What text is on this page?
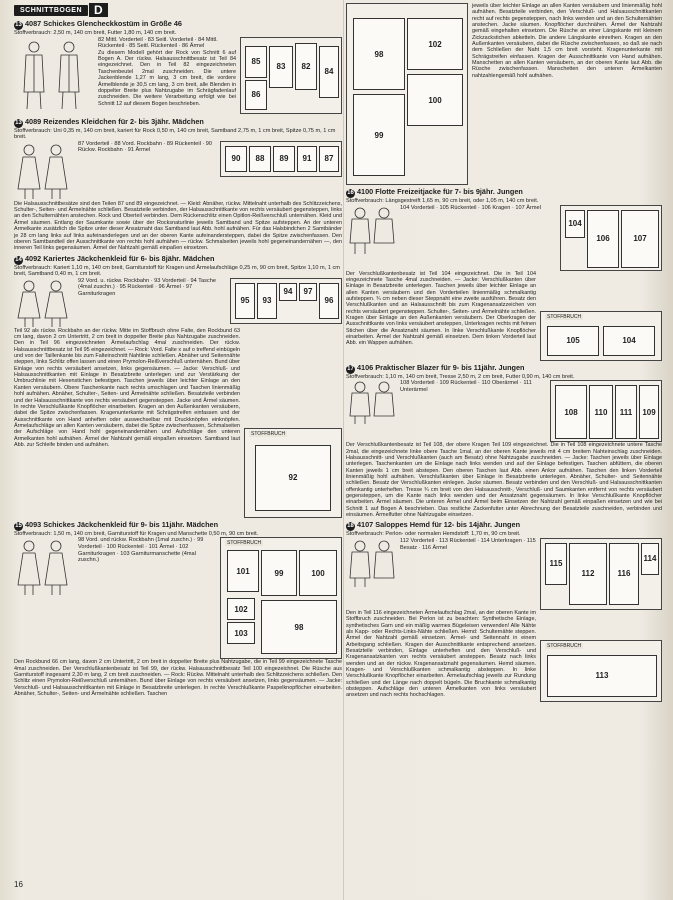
SCHNITTBOGEN	D
13 4087 Schickes Glencheckkostüm in Größe 46
Stoffverbrauch: 2,50 m, 140 cm breit, Futter 1,80 m, 140 cm breit.
82 Mittl. Vorderteil · 83 Seitl. Vorderteil · 84 Mittl. Rückenteil · 85 Seitl. Rückenteil · 86 Ärmel
Zu diesem Modell gehört der Rock von Schnitt 6 auf Bogen A. Der rückw. Halsausschnittbesatz ist Teil 84 eingezeichnet. Den in Teil 82 eingezeichneten Taschenbeutel 2mal zuschneiden. Die untere Jackenblende 1,27 m lang, 3 cm breit, die vordere Ärmelblende je 30,5 cm lang, 3 cm breit, alle Blenden in doppelter Breite plus Nahtzugabe im Schrägfadenlauf zuschneiden. Die weitere Verarbeitung erfolgt wie bei Schnitt 12 auf diesem Bogen beschrieben.
85
83	82
84
86
13 4089 Reizendes Kleidchen für 2- bis 3jähr. Mädchen
Stoffverbrauch: Uni 0,35 m, 140 cm breit, kariert für Rock 0,50 m, 140 cm breit, Samtband 2,75 m, 1 cm breit, Spitze 0,75 m, 1 cm breit.
87 Vorderteil · 88 Vord. Rockbahn · 89 Rückenteil · 90 Rückw. Rockbahn · 91 Ärmel
90	88	89	91	87
Die Halsausschnittbesätze sind den Teilen 87 und 89 eingezeichnet. — Kleid: Abnäher, rückw. Mittelnaht unterhalb des Schlitzzeichens, Schulter-, Seiten- und Ärmelnähte schließen. Besatzteile verbinden, der Halsausschnittkante von rechts versäubert gegensteppen, links an den Schulternähten anstechen. Rock und Oberteil verbinden. Dem Rückenschlitz einen Opitlon-Reißverschluß unternähen. Kleid und Ärmel säumen. Entlang der Saumkante sowie über der Rocksnaturlinie jeweils Samtband und Spitze aufsteppen. An der unteren Armelkante zusätzlich die Spitze unter dieser Ansatznaht das Samtband laut Abb. hohl aufnähen. Für das Halsbindchen 2 Samtbänder je 28 cm lang links auf links aufeinanderlegen und an der oberen Kante aufeinandersteppen, dabei die Spitze zwischenfassen. Den oberen Samtbandteil der Ausschnittkante von rechts hohl aufnähen — rückw. Schmalseiten jeweils hohl gegeneinandernähen —, den inneren Teil links gegensäumen. Ärmel der Nahtzahl gemäß einpaßen einsetzen.
14 4092 Kariertes Jäckchenkleid für 6- bis 8jähr. Mädchen
Stoffverbrauch: Kariert 1,10 m, 140 cm breit, Garniturstoff für Kragen und Ärmelaufschläge 0,25 m, 90 cm breit, Spitze 1,10 m, 1 cm breit, Samtband 0,40 m, 1 cm breit.
92 Vord. u. rückw. Rockbahn · 93 Vorderteil · 94 Tasche (4mal zuschn.) · 95 Rückenteil · 96 Ärmel · 97 Garniturkragen
95	93
94	97
96
Teil 92 als rückw. Rockbahn an der rückw. Mitte im Stoffbruch ohne Falte, den Rockbund 63 cm lang, davon 2 cm Untertritt, 2 cm breit in doppelter Breite plus Nahtzugabe zuschneiden. Den in Teil 96 eingezeichneten Ärmelaufschlag 4mal zuschneiden. Der rückw. Halsausschnittbesatz ist Teil 95 eingezeichnet. — Rock: Vord. Falte x auf o treffend einbügeln und von der Taillenkante bis zum Falteinschnitt Nahtlinie schließen. Abnäher und Seitennähte steppen, links Schlitz offen lassen und einen Prymolon-Reißverschluß unternähen. Bund über Einlage von rechts versäubert ansetzen, links gegensäumen. — Jacke: Verschluß- und Halsausschnittkanten mit Einlage in Besatzbreite unterlegen und zur Verstärkung der Umbruchlinie mit Hexenstichen befestigen. Taschen jeweils über leichter Einlage an den Kanten versäubern. Obere Taschenkante nach rechts umschlagen und Taschen linienmäßig hohl aufnähen. Abnäher, Schulter-, Seiten- und Ärmelnähte schließen. Besatzteile verbinden und der Halsausschnittkante von rechts versäubert gegensteppen. Jacke und Ärmel säumen. In rechte Verschlußkante Knopflöcher einarbeiten. Kragen an den Außenkanten versäubern, dabei die Spitze zwischenfassen. Kragenunterkante mit Schrägstreifen einfassen und der Ausschnittkante von Hand anheften oder auswechselbar mit Druckknöpfen einknöpfen. Ärmelaufschläge an allen Kanten versäubern, dabei die Spitze zwischenfassen, Schmalseiten der Aufschläge von Hand hohl gegeneinandernähen und Aufschläge den unteren Armelkanten hohl aufnähen. Ärmel der Nahtzahl gemäß einpaßen einsetzen. Samtband laut Abb. zur Schleife binden und aufnähen.
STOFFBRUCH
92
15 4093 Schickes Jäckchenkleid für 9- bis 11jähr. Mädchen
Stoffverbrauch: 1,50 m, 140 cm breit, Garniturstoff für Kragen und Manschette 0,50 m, 90 cm breit.
98 Vord. und rückw. Rockbahn (1mal zuschn.) · 99 Vorderteil · 100 Rückenteil · 101 Ärmel · 102 Garniturkragen · 103 Garniturmanschette (4mal zuschn.)
STOFFBRUCH
101	99	100
102
103
98
Den Rockbund 66 cm lang, davon 2 cm Untertritt, 2 cm breit in doppelter Breite plus Nahtzugabe, die in Teil 99 eingezeichnete Tasche 4mal zuschneiden. Der Verschlußkantenbesatz ist Teil 99, der rückw. Halsausschnittbesatz Teil 100 eingezeichnet. Die Rüsche aus Garniturstoff insgesamt 2,30 m lang, 2 cm breit zuschneiden. — Rock: Rückw. Mittelnaht unterhalb des Schlitzzeichens schließen. Den Schlitz einen Prymolon-Reißverschluß unternähen. Bund über Einlage von rechts versäubert ansetzen, links gegensäumen. — Jacke: Verschluß- und Halsausschnittkanten mit Einlage in Besatzbreite unterlegen. In rechte Verschlußkante Paspelknopflöcher einarbeiten. Abnäher, Schulter-, Seiten- und Ärmelnähte schließen. Taschen
98
102
100
99
jeweils über leichter Einlage an allen Kanten versäubern und linienmäßig hohl aufnähen. Besatzteile verbinden, den Verschluß- und Halsausschnittkanten recht auf rechts gegensteppen, nach links wenden und an den Schulternähten anstechen. Jacke säumen. Knopflöcher durchnähen. Ärmel der Nahtzahl gemäß eingehalten einsetzen. Die Rüsche an einer Längskante mit kleinem Zickzackstichen abketteln. Die andere Längskante einreihen. Kragen an den Außenkanten versäubern, dabei die Rüsche zwischenfassen, so daß sie nach dem Schließen der Naht 1,5 cm breit vorsteht. Kragenunterkante mit Schrägstreifen einfassen. Kragen der Ausschnittkante von Hand aufnähen. Manschetten an allen Kanten versäubern, an der oberen Kante laut Abb. die Rüsche zwischenfassen. Manschetten den unteren Ärmelkanten nahtzahlengemäß hohl aufnähen.
16 4100 Flotte Freizeitjacke für 7- bis 9jähr. Jungen
Stoffverbrauch: Längsgestreift 1,65 m, 90 cm breit, oder 1,05 m, 140 cm breit.
104 Vorderteil · 105 Rückenteil · 106 Kragen · 107 Ärmel
104
106	107
Der Verschlußkantenbesatz ist Teil 104 eingezeichnet. Die in Teil 104 eingezeichnete Tasche 4mal zuschneiden. — Jacke: Verschlußkanten über Einlage in Besatzbreite unterlegen. Taschen jeweils über leichter Einlage an allen Kanten versäubern und den Vorderteilen linienmäßig schmalkantig aufsteppen. ¾ cm neben dieser Steppnaht eine zweite ausführen. Besatz den Verschlußkanten und an Halsausschnitt bis zum Kragenansatzzeichen von rechts versäubert gegensteppen. Schulter-, Seiten- und Ärmelnähte schließen. Kragen über Einlage an den Außenkanten versäubern. Der Oberkragen der Ausschnittkante von links versäubert ansteppen, Unterkragen rechts mit feinen Stichen über die Ansatznaht säumen. In linke Verschlußkante Knopflöcher einarbeiten. Ärmel der Nahtzahl gemäß einsetzen. Dem linken Vorderteil laut Abb. ein Wappen aufnähen.
STOFFBRUCH
105	104
17 4106 Praktischer Blazer für 9- bis 11jähr. Jungen
Stoffverbrauch: 1,10 m, 140 cm breit, Tresse 2,50 m, 2 cm breit, Futter 0,90 m, 140 cm breit.
108 Vorderteil · 109 Rückenteil · 110 Oberärmel · 111 Unterärmel
108	110	111	109
Der Verschlußkantenbesatz ist Teil 108, der obere Kragen Teil 109 eingezeichnet. Die in Teil 108 eingezeichnete untere Tasche 2mal, die eingezeichnete linke obere Tasche 1mal, an der oberen Kante jeweils mit 4 cm breitem Nahteinschlag zuschneiden. Halsausschnitt- und Verschlußkanten (auch am Besatz) ohne Nahtzugabe zuschneiden. — Jacke: Taschen jeweils über Einlage unterlegen. Taschenkanten um die Einlage nach links wenden und auf der Einlage befestigen. Taschen abfüttern, die oberen Kanten jeweils 1 cm breit abstepen. Den oberen Taschen laut Abb. einen Ankor aufnähen. Taschen den linken Vorderteil linienmäßig hohl aufnähen. Verschlußkanten über Einlage in Besatzbreite unterlegen. Abnäher, Schulter- und Seitennähte schließen. Besatz der Verschlußkanten einlegen. Jacke säumen. Besatz verbinden und den Verschluß- und Halsausschnittkanten offenkantig unterheften. Tresse ¾ cm breit von den Halsausschnitt-, Verschluß- und Saumkanten entfernt von rechts versäubert gegensteppen, um die Kante nach links wenden und der Ansatznaht gegensäumen. In linke Verschlußkante Knopflöcher einarbeiten. Ärmel säumen. Die unteren Ärmel und Ärmel beim Einsetzen der Nahtzahl gemäß einpaßen einsetzen und wie bei Schnitt 1 auf Bogen A beschrieben. Das restliche Zackenfutter unter Abrechnung der Besatzteile zuschneiden, verbinden und einsäumen. Ärmelfutter ohne Nahtzugabe einsetzen.
18 4107 Saloppes Hemd für 12- bis 14jähr. Jungen
Stoffverbrauch: Perlon- oder normalen Hemdstoff: 1,70 m, 90 cm breit.
112 Vorderteil · 113 Rückenteil · 114 Unterkragen · 115 Besatz · 116 Ärmel
115
112	116
114
Den in Teil 116 eingezeichneten Ärmelaufschlag 2mal, an der oberen Kante im Stoffbruch zuschneiden. Bei Perlon ist zu beachten: Synthetische Einlage, synthetisches Garn und ein mäßig warmes Bügeleisen verwenden! Alle Nähte als Kapp- oder Rechts-Links-Nähte schließen. Hemd: Schulternähte steppen. Ärmel der Nahtzahl gemäß einsetzen. Ärmel- und Seitennaht in einem Arbeitsgang schließen. Kragen der Ausschnittkante entsprechend ansetzen. Besatzteile verbinden, Einlage unterheften und den Verschluß- und Kragenansatzkanten von rechts versäubert ansteppen. Besatz nach links wenden und an der rückw. Kragenansatznaht gegensäumen. Hemd säumen. Kragen- und Verschlußkanten schmalkantig absteppen. In linke Verschlußkante Knopflöcher einarbeiten. Ärmelaufschlag jeweils zur Rundung schließen und der Länge nach doppelt bügeln. Die Bruchkante schmalkantig obsteppen. Aufschläge den unteren Ärmelkanten von links versäubert ansetzen und nach rechts hochschlagen.
STOFFBRUCH
113
16
